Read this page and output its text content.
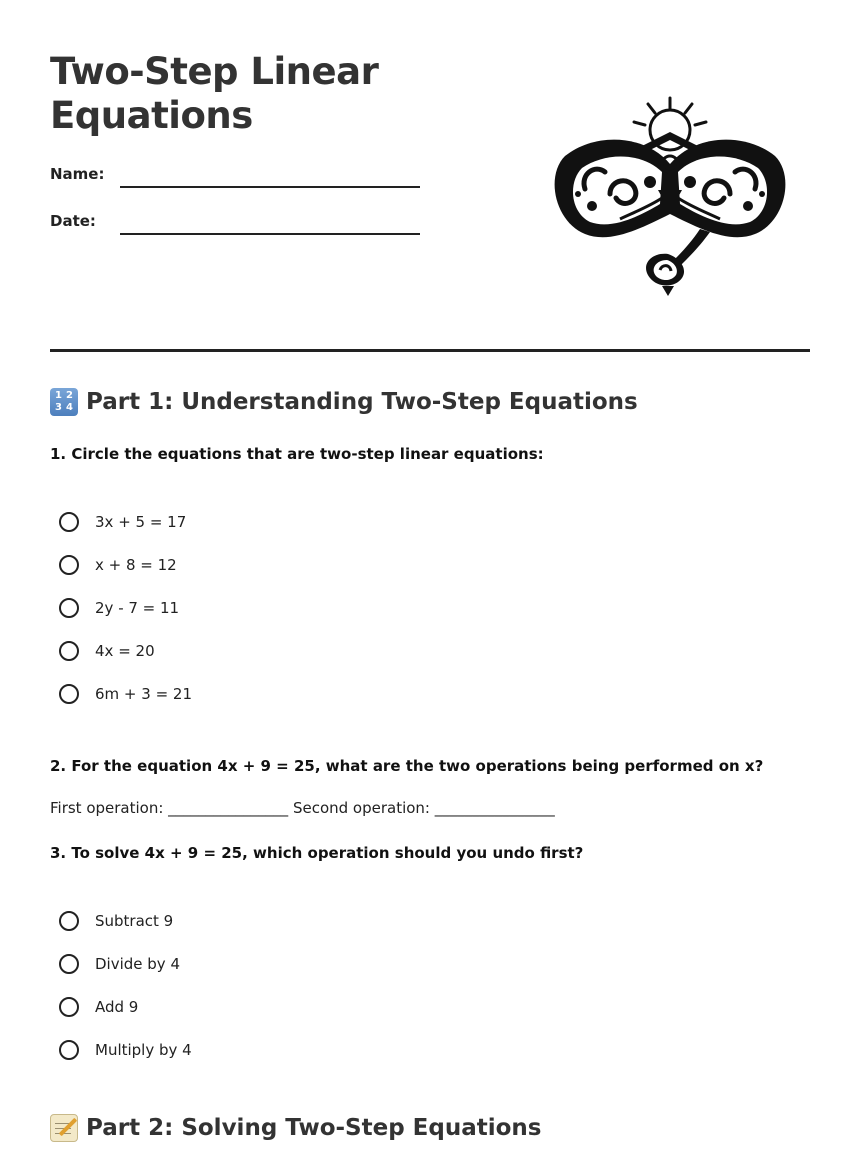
Two-Step Linear
Equations
Name:
Date:
1 2
3 4 Part 1: Understanding Two-Step Equations

1. Circle the equations that are two-step linear equations:

3x + 5 = 17
x + 8 = 12
2y - 7 = 11
4x = 20
6m + 3 = 21

2. For the equation 4x + 9 = 25, what are the two operations being performed on x?

First operation: ________________ Second operation: ________________

3. To solve 4x + 9 = 25, which operation should you undo first?

Subtract 9
Divide by 4
Add 9
Multiply by 4
Part 2: Solving Two-Step Equations
